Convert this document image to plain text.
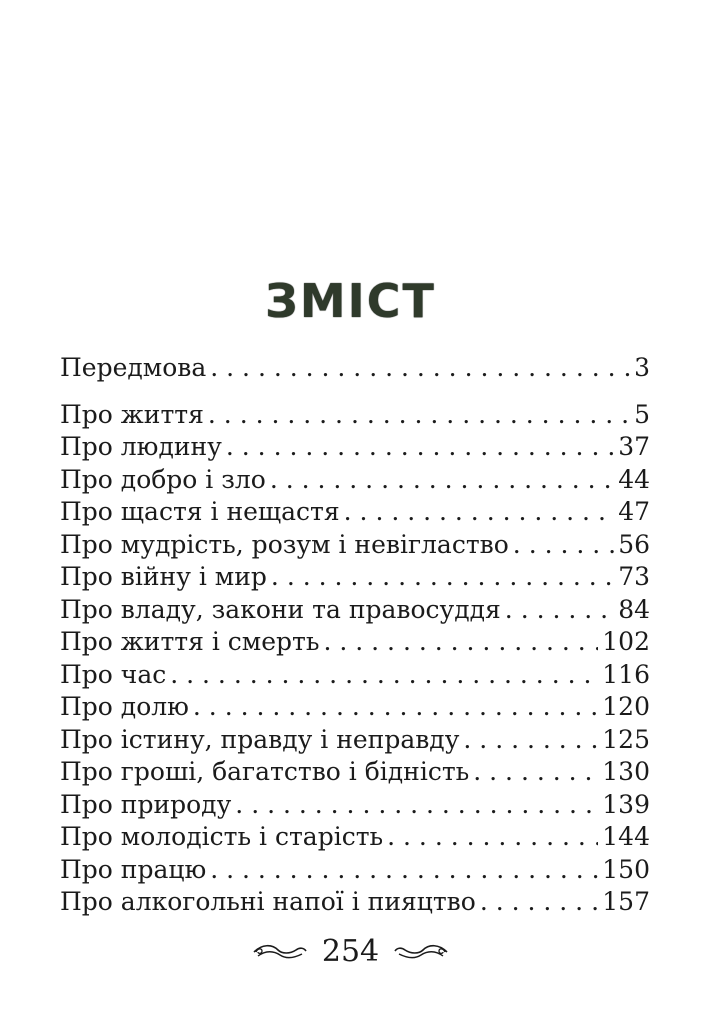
ЗМІСТ
Передмова . . .	3
Про життя . . .	5
Про людину . . .	37
Про добро і зло . . .	44
Про щастя і нещастя . . .	47
Про мудрість, розум і невігластво . . .	56
Про війну і мир . . .	73
Про владу, закони та правосуддя . . .	84
Про життя і смерть . . .	102
Про час . . .	116
Про долю . . .	120
Про істину, правду і неправду . . .	125
Про гроші, багатство і бідність . . .	130
Про природу . . .	139
Про молодість і старість . . .	144
Про працю . . .	150
Про алкогольні напої і пияцтво . . .	157
254
